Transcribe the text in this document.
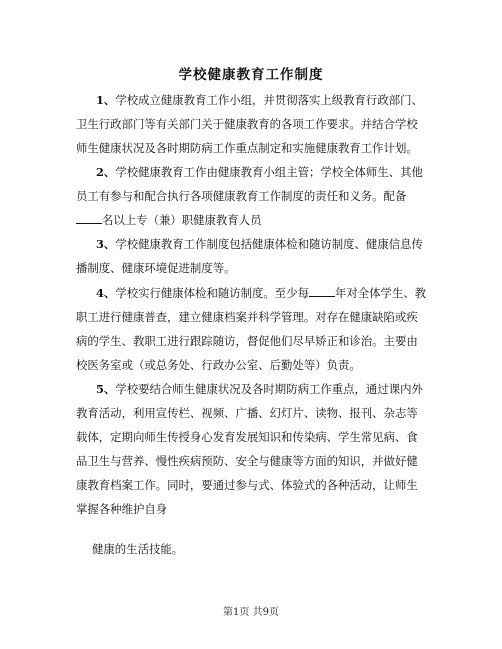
学校健康教育工作制度
1、学校成立健康教育工作小组，并贯彻落实上级教育行政部门、
卫生行政部门等有关部门关于健康教育的各项工作要求。并结合学校
师生健康状况及各时期防病工作重点制定和实施健康教育工作计划。
2、学校健康教育工作由健康教育小组主管；学校全体师生、其他
员工有参与和配合执行各项健康教育工作制度的责任和义务。配备
名以上专（兼）职健康教育人员
3、学校健康教育工作制度包括健康体检和随访制度、健康信息传
播制度、健康环境促进制度等。
4、学校实行健康体检和随访制度。至少每 年对全体学生、教
职工进行健康普查，建立健康档案并科学管理。对存在健康缺陷或疾
病的学生、教职工进行跟踪随访，督促他们尽早矫正和诊治。主要由
校医务室或（或总务处、行政办公室、后勤处等）负责。
5、学校要结合师生健康状况及各时期防病工作重点，通过课内外
教育活动，利用宣传栏、视频、广播、幻灯片、读物、报刊、杂志等
载体，定期向师生传授身心发育发展知识和传染病、学生常见病、食
品卫生与营养、慢性疾病预防、安全与健康等方面的知识，并做好健
康教育档案工作。同时，要通过参与式、体验式的各种活动，让师生
掌握各种维护自身
健康的生活技能。
第1页 共9页
